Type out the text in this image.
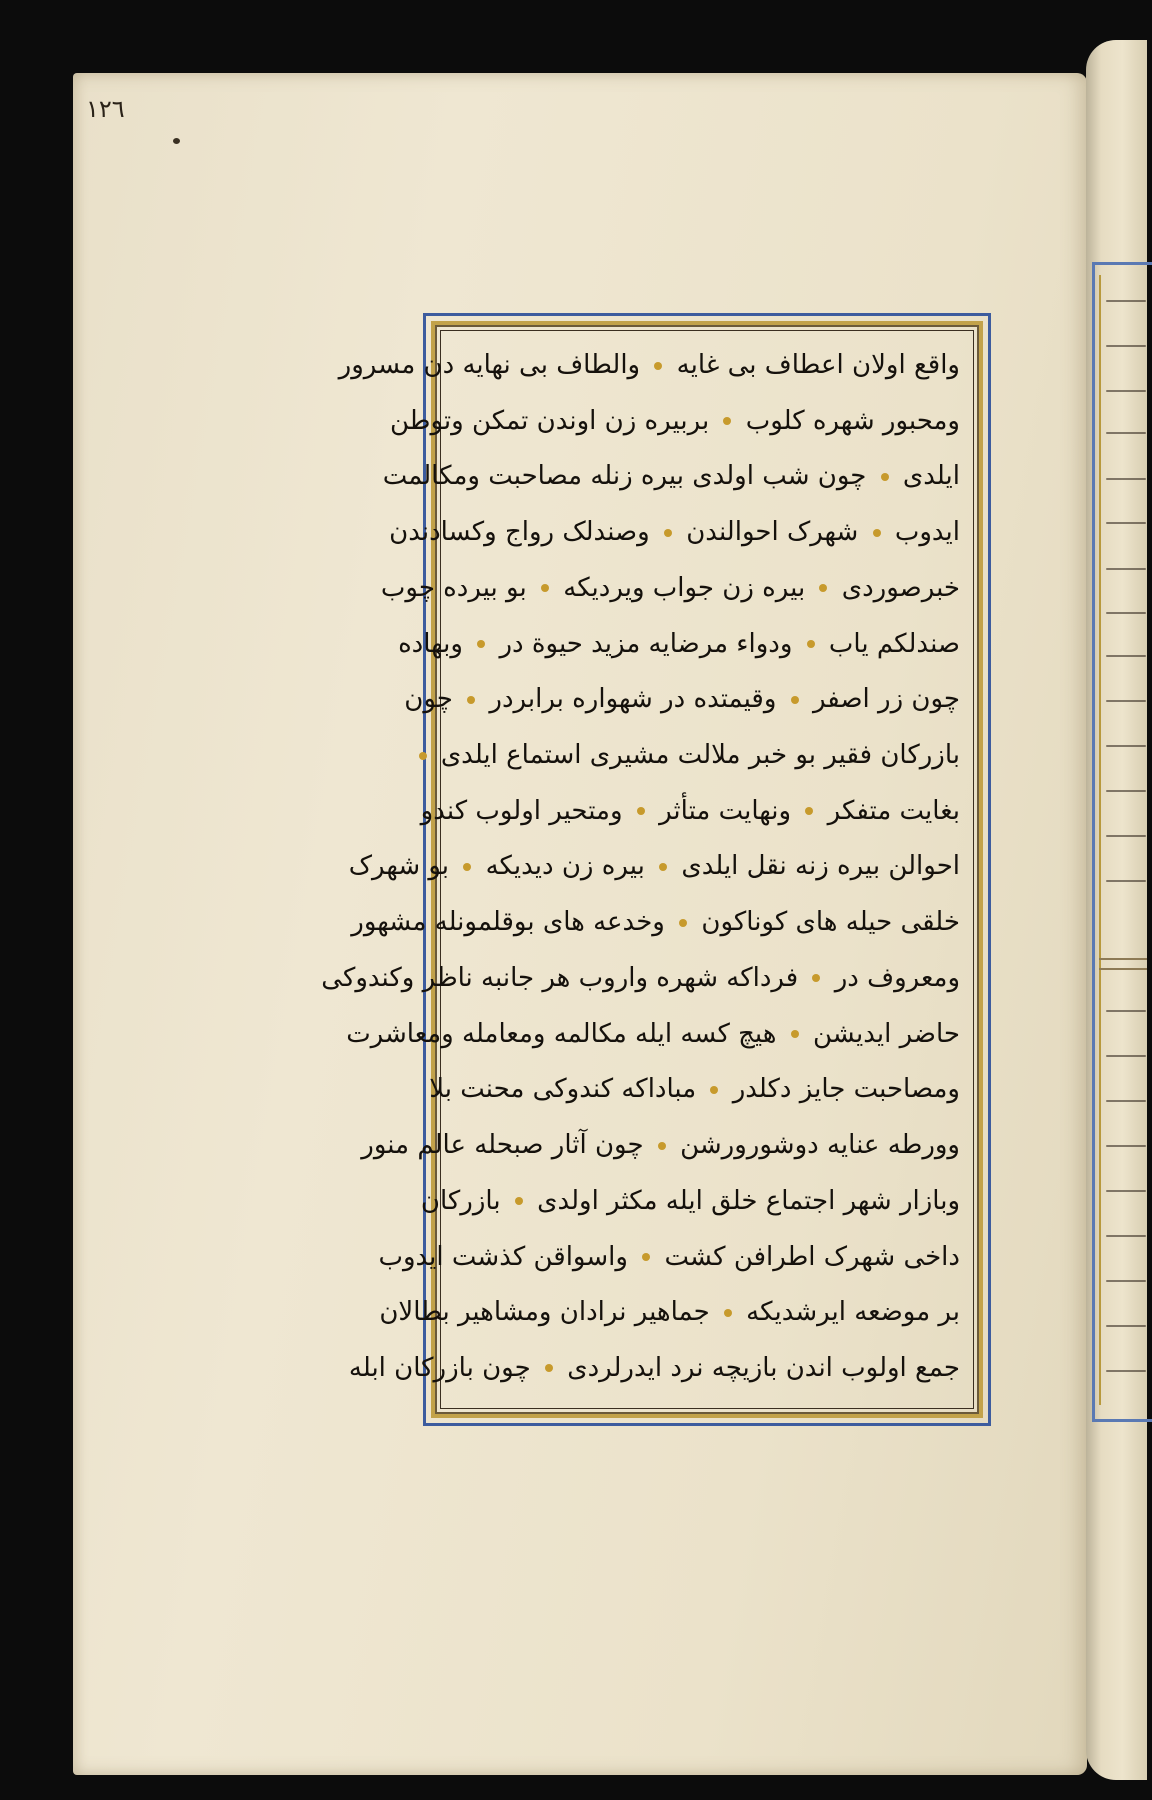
١٢٦
واقع اولان اعطاف بی غایه  والطاف بی نهایه دن مسرور
ومحبور شهره کلوب  بربیره زن اوندن تمکن وتوطن
ایلدی  چون شب اولدی بیره زنله مصاحبت ومکالمت
ایدوب  شهرک احوالندن  وصندلک رواج وکسادندن
خبرصوردی  بیره زن جواب ویردیکه  بو بیرده چوب
صندلکم یاب  ودواء مرضایه مزید حیوة در  وبهاده
چون زر اصفر  وقیمتده در شهواره برابردر  چون
بازرکان فقیر بو خبر ملالت مشیری استماع ایلدی
بغایت متفکر  ونهایت متأثر  ومتحیر اولوب کندو
احوالن بیره زنه نقل ایلدی  بیره زن دیدیکه  بو شهرک
خلقی حیله های کوناکون  وخدعه های بوقلمونله مشهور
ومعروف در  فرداکه شهره واروب هر جانبه ناظر وکندوکی
حاضر ایدیشن  هیچ کسه ایله مکالمه ومعامله ومعاشرت
ومصاحبت جایز دکلدر  مباداکه کندوکی محنت بلا
وورطه عنایه دوشورورشن  چون آثار صبحله عالم منور
وبازار شهر اجتماع خلق ایله مکثر اولدی  بازرکان
داخی شهرک اطرافن کشت  واسواقن کذشت ایدوب
بر موضعه ایرشدیکه  جماهیر نرادان ومشاهیر بطالان
جمع اولوب اندن بازیچه نرد ایدرلردی  چون بازرکان ابله
